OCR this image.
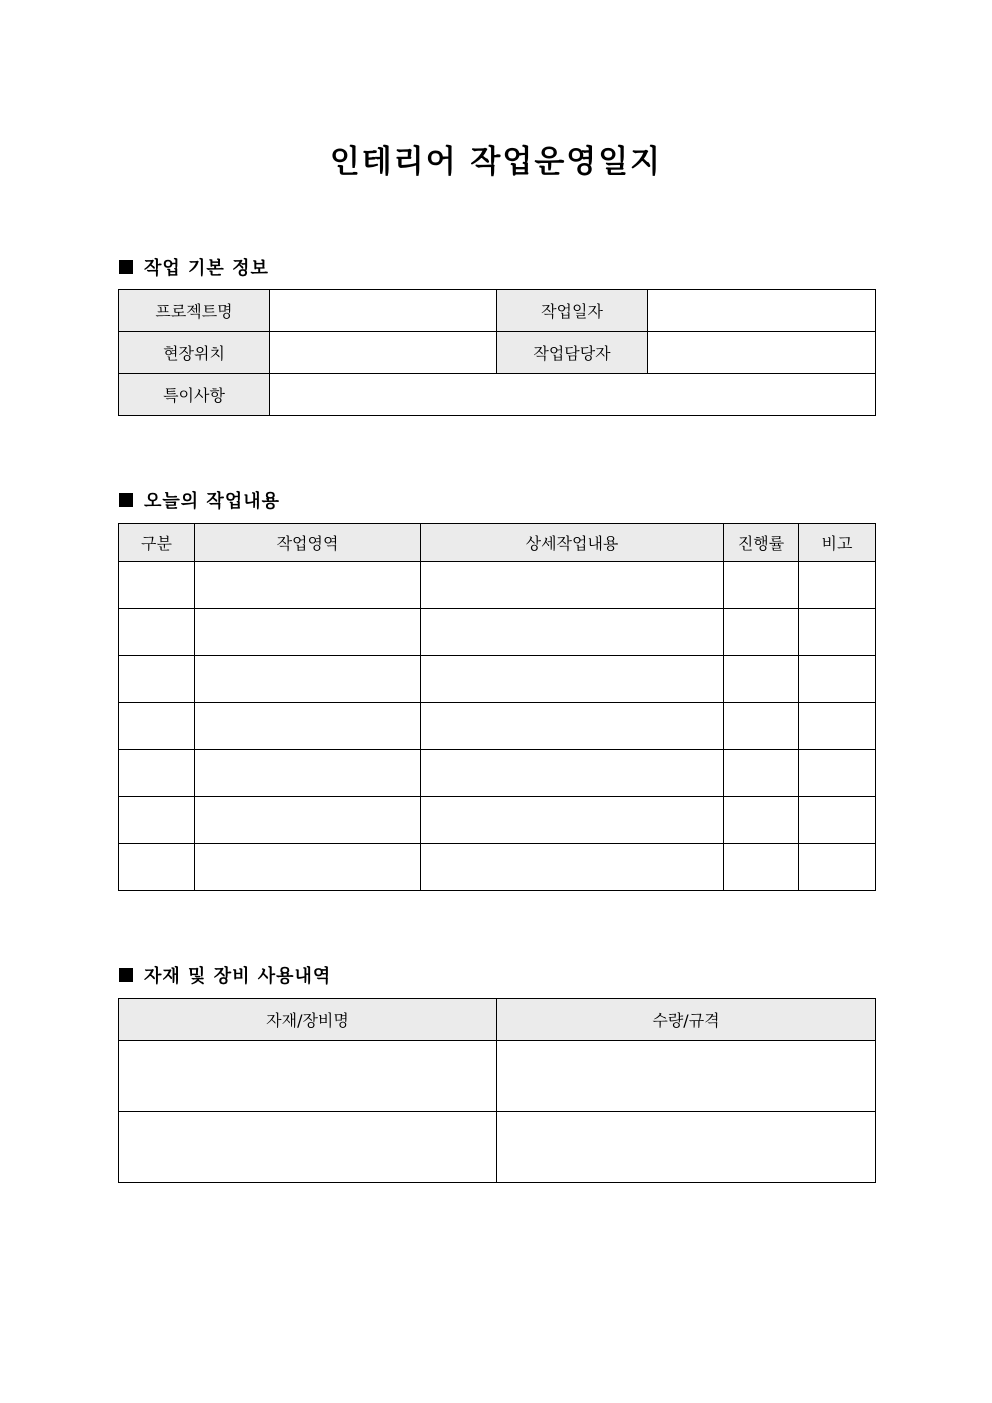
인테리어 작업운영일지
작업 기본 정보
프로젝트명		작업일자	
현장위치		작업담당자	
특이사항			
오늘의 작업내용
구분	작업영역	상세작업내용	진행률	비고

자재 및 장비 사용내역
자재/장비명	수량/규격
